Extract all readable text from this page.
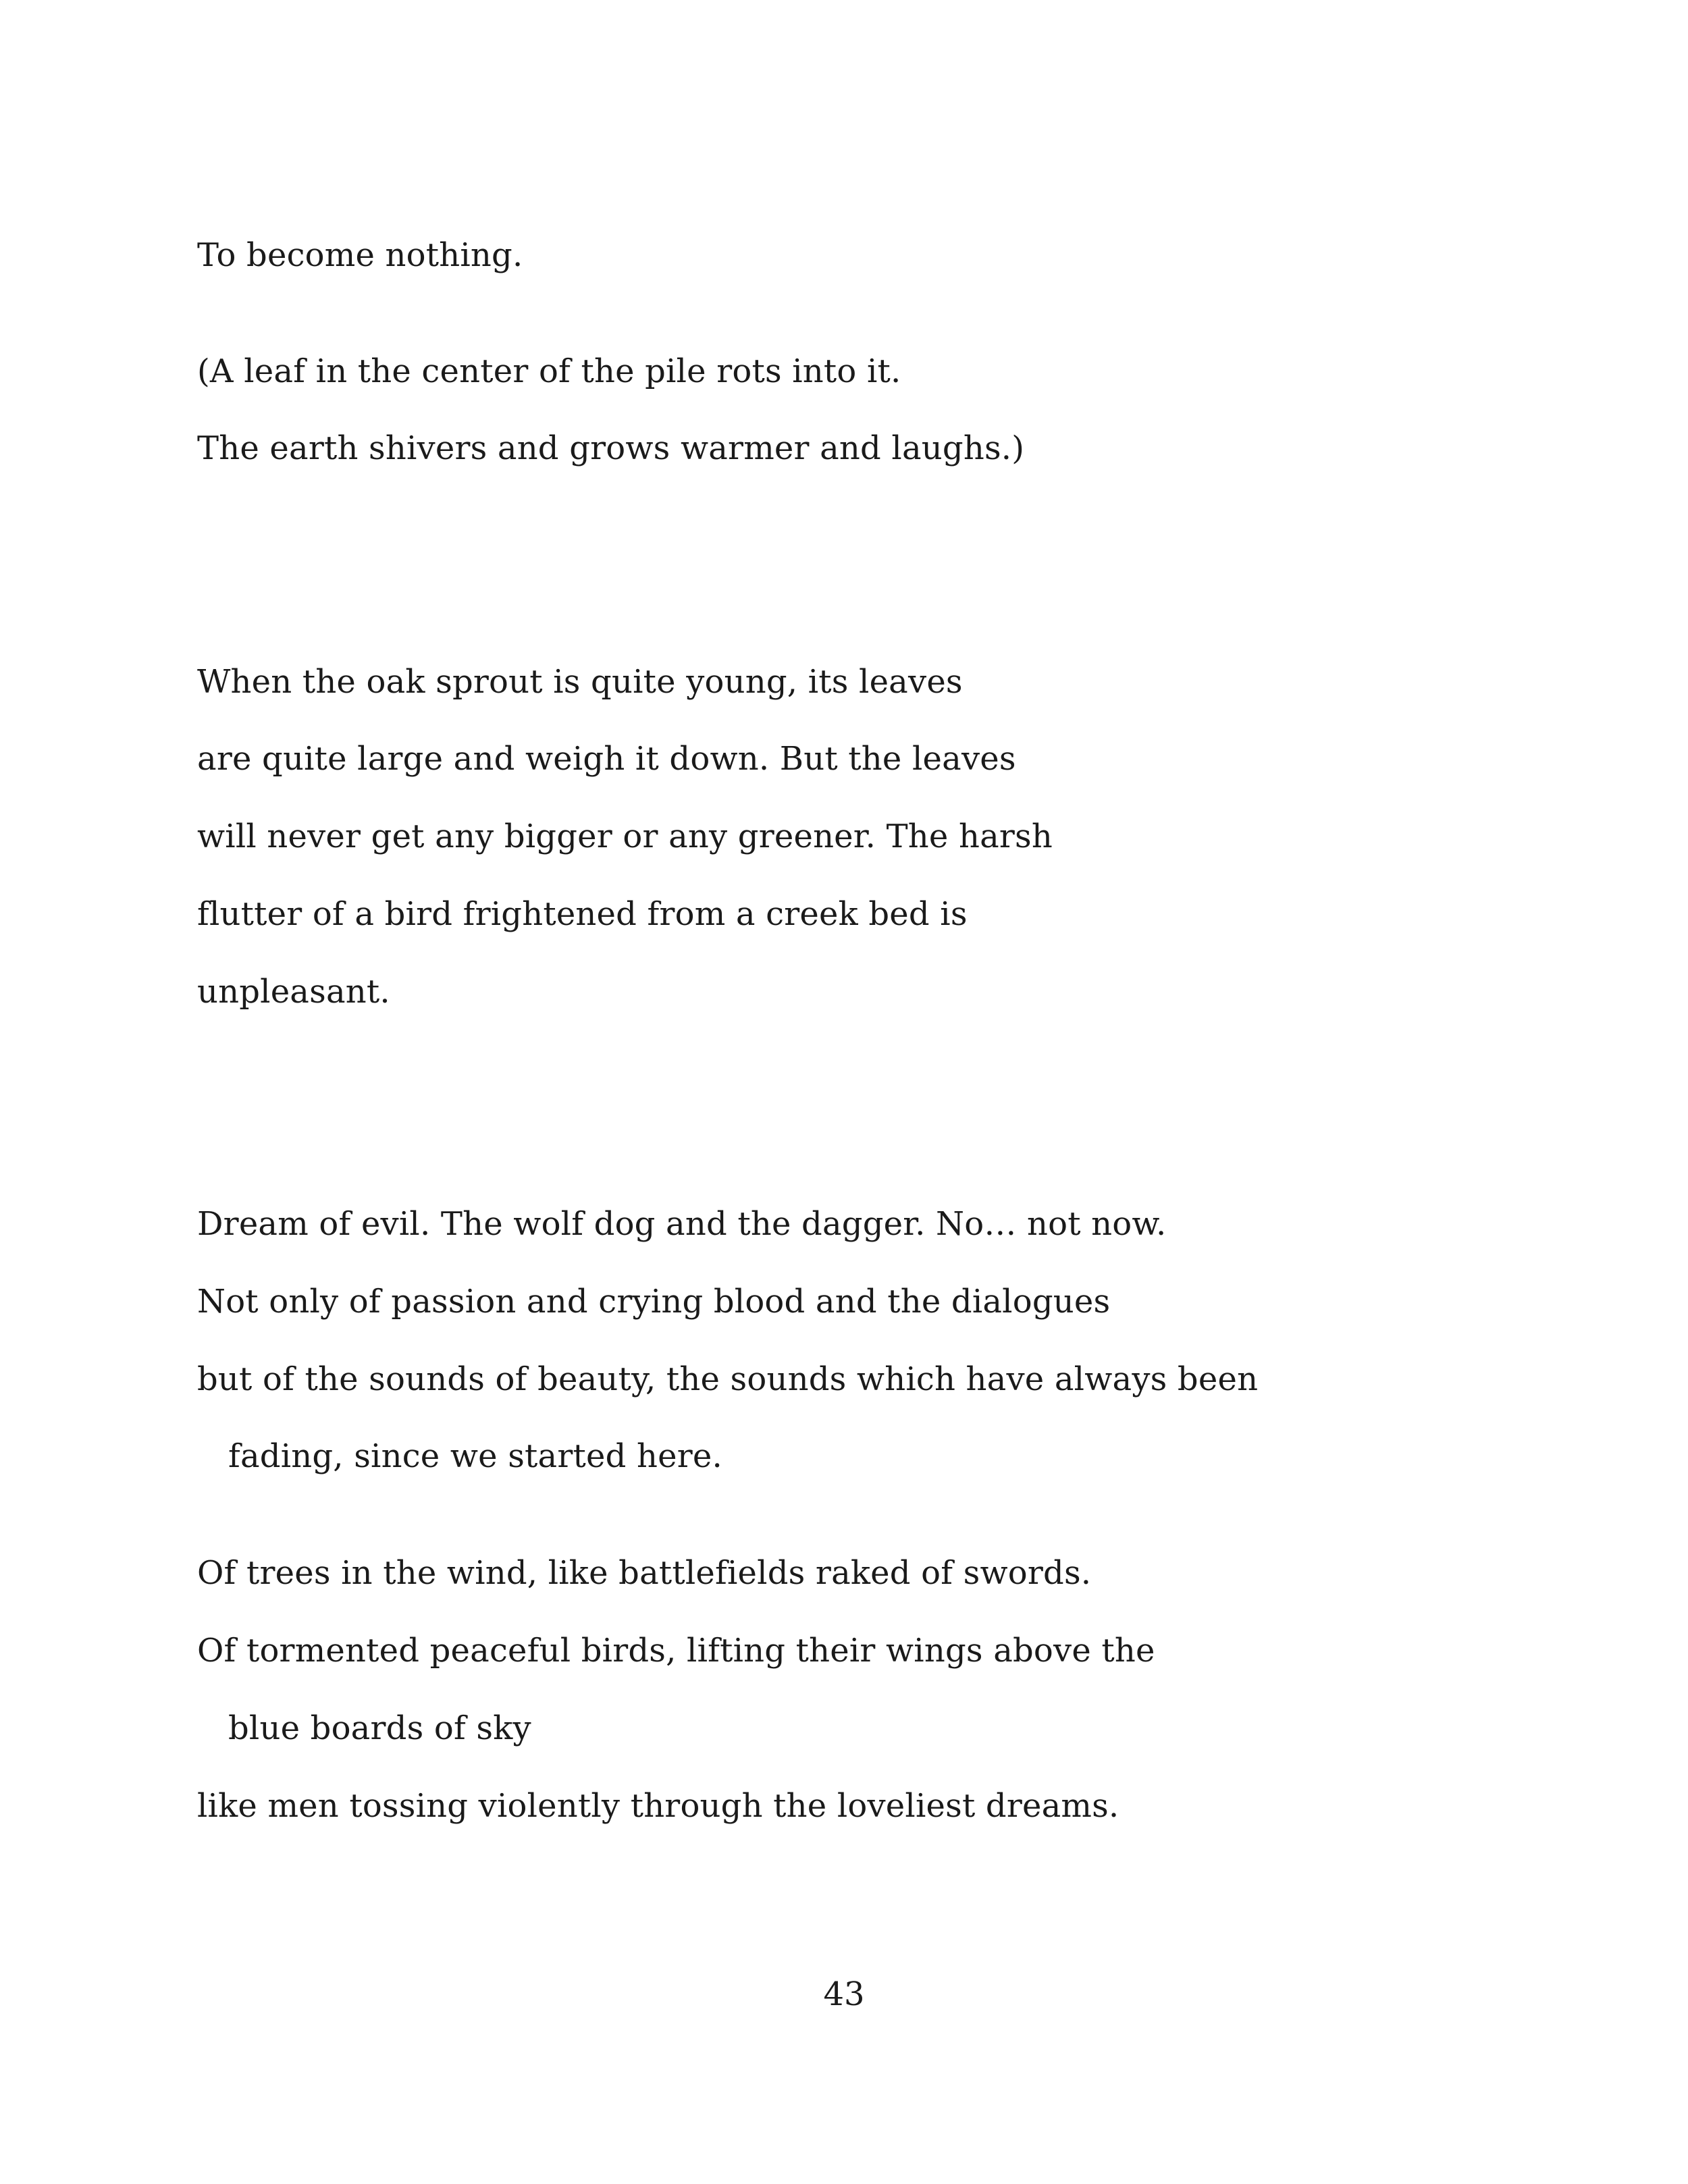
To become nothing.
(A leaf in the center of the pile rots into it.
The earth shivers and grows warmer and laughs.)
When the oak sprout is quite young, its leaves
are quite large and weigh it down. But the leaves
will never get any bigger or any greener. The harsh
flutter of a bird frightened from a creek bed is
unpleasant.
Dream of evil. The wolf dog and the dagger. No… not now.
Not only of passion and crying blood and the dialogues
but of the sounds of beauty, the sounds which have always been
fading, since we started here.
Of trees in the wind, like battlefields raked of swords.
Of tormented peaceful birds, lifting their wings above the
blue boards of sky
like men tossing violently through the loveliest dreams.
43
